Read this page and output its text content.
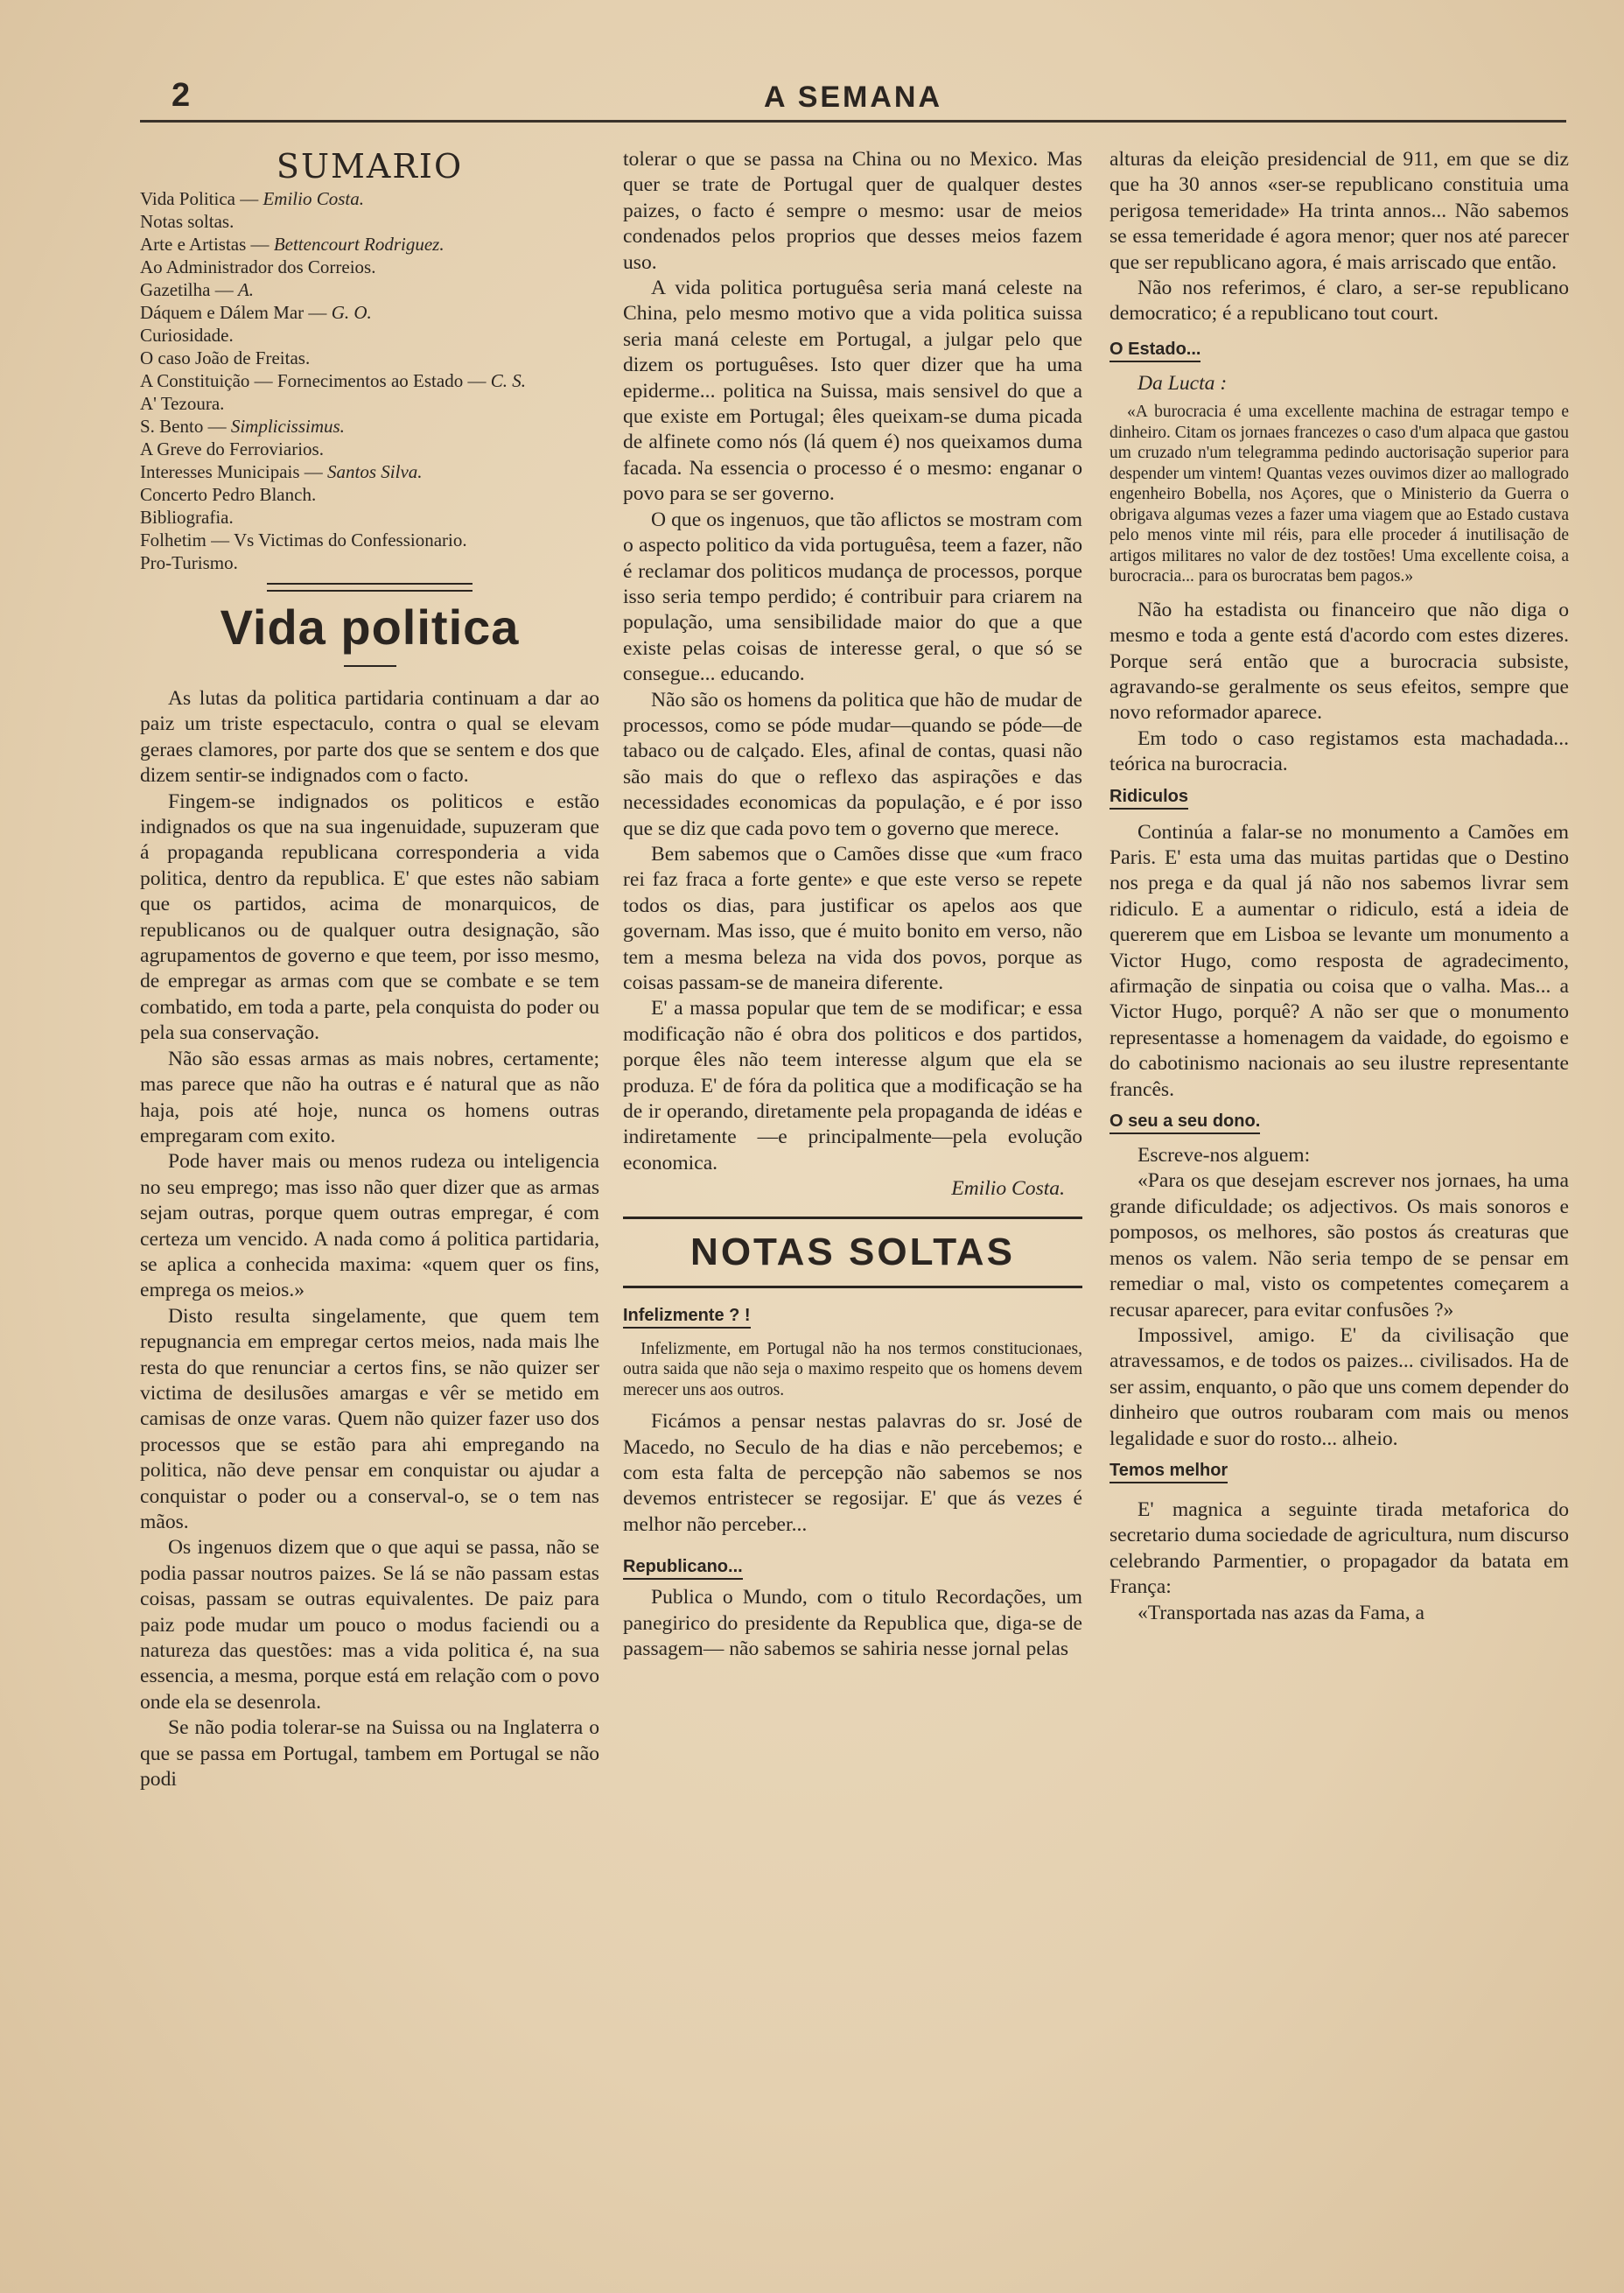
2	A SEMANA
SUMARIO
Vida Politica — Emilio Costa.
Notas soltas.
Arte e Artistas — Bettencourt Rodriguez.
Ao Administrador dos Correios.
Gazetilha — A.
Dáquem e Dálem Mar — G. O.
Curiosidade.
O caso João de Freitas.
A Constituição — Fornecimentos ao Estado — C. S.
A' Tezoura.
S. Bento — Simplicissimus.
A Greve do Ferroviarios.
Interesses Municipais — Santos Silva.
Concerto Pedro Blanch.
Bibliografia.
Folhetim — Vs Victimas do Confessionario.
Pro-Turismo.
Vida politica

As lutas da politica partidaria continuam a dar ao paiz um triste espectaculo, contra o qual se elevam geraes clamores, por parte dos que se sentem e dos que dizem sentir-se indignados com o facto.

Fingem-se indignados os politicos e estão indignados os que na sua ingenuidade, supuzeram que á propaganda republicana corresponderia a vida politica, dentro da republica. E' que estes não sabiam que os partidos, acima de monarquicos, de republicanos ou de qualquer outra designação, são agrupamentos de governo e que teem, por isso mesmo, de empregar as armas com que se combate e se tem combatido, em toda a parte, pela conquista do poder ou pela sua conservação.

Não são essas armas as mais nobres, certamente; mas parece que não ha outras e é natural que as não haja, pois até hoje, nunca os homens outras empregaram com exito.

Pode haver mais ou menos rudeza ou inteligencia no seu emprego; mas isso não quer dizer que as armas sejam outras, porque quem outras empregar, é com certeza um vencido. A nada como á politica partidaria, se aplica a conhecida maxima: «quem quer os fins, emprega os meios.»

Disto resulta singelamente, que quem tem repugnancia em empregar certos meios, nada mais lhe resta do que renunciar a certos fins, se não quizer ser victima de desilusões amargas e vêr se metido em camisas de onze varas. Quem não quizer fazer uso dos processos que se estão para ahi empregando na politica, não deve pensar em conquistar ou ajudar a conquistar o poder ou a conserval-o, se o tem nas mãos.

Os ingenuos dizem que o que aqui se passa, não se podia passar noutros paizes. Se lá se não passam estas coisas, passam se outras equivalentes. De paiz para paiz pode mudar um pouco o modus faciendi ou a natureza das questões: mas a vida politica é, na sua essencia, a mesma, porque está em relação com o povo onde ela se desenrola.

Se não podia tolerar-se na Suissa ou na Inglaterra o que se passa em Portugal, tambem em Portugal se não podi

tolerar o que se passa na China ou no Mexico. Mas quer se trate de Portugal quer de qualquer destes paizes, o facto é sempre o mesmo: usar de meios condenados pelos proprios que desses meios fazem uso.

A vida politica portuguêsa seria maná celeste na China, pelo mesmo motivo que a vida politica suissa seria maná celeste em Portugal, a julgar pelo que dizem os portuguêses. Isto quer dizer que ha uma epiderme... politica na Suissa, mais sensivel do que a que existe em Portugal; êles queixam-se duma picada de alfinete como nós (lá quem é) nos queixamos duma facada. Na essencia o processo é o mesmo: enganar o povo para se ser governo.

O que os ingenuos, que tão aflictos se mostram com o aspecto politico da vida portuguêsa, teem a fazer, não é reclamar dos politicos mudança de processos, porque isso seria tempo perdido; é contribuir para criarem na população, uma sensibilidade maior do que a que existe pelas coisas de interesse geral, o que só se consegue... educando.

Não são os homens da politica que hão de mudar de processos, como se póde mudar—quando se póde—de tabaco ou de calçado. Eles, afinal de contas, quasi não são mais do que o reflexo das aspirações e das necessidades economicas da população, e é por isso que se diz que cada povo tem o governo que merece.

Bem sabemos que o Camões disse que «um fraco rei faz fraca a forte gente» e que este verso se repete todos os dias, para justificar os apelos aos que governam. Mas isso, que é muito bonito em verso, não tem a mesma beleza na vida dos povos, porque as coisas passam-se de maneira diferente.

E' a massa popular que tem de se modificar; e essa modificação não é obra dos politicos e dos partidos, porque êles não teem interesse algum que ela se produza. E' de fóra da politica que a modificação se ha de ir operando, diretamente pela propaganda de idéas e indiretamente —e principalmente—pela evolução economica.

Emilio Costa.

NOTAS SOLTAS
Infelizmente ? !

Infelizmente, em Portugal não ha nos termos constitucionaes, outra saida que não seja o maximo respeito que os homens devem merecer uns aos outros.

Ficámos a pensar nestas palavras do sr. José de Macedo, no Seculo de ha dias e não percebemos; e com esta falta de percepção não sabemos se nos devemos entristecer se regosijar. E' que ás vezes é melhor não perceber...

Republicano...

Publica o Mundo, com o titulo Recordações, um panegirico do presidente da Republica que, diga-se de passagem— não sabemos se sahiria nesse jornal pelas

alturas da eleição presidencial de 911, em que se diz que ha 30 annos «ser-se republicano constituia uma perigosa temeridade» Ha trinta annos... Não sabemos se essa temeridade é agora menor; quer nos até parecer que ser republicano agora, é mais arriscado que então.

Não nos referimos, é claro, a ser-se republicano democratico; é a republicano tout court.

O Estado...

Da Lucta :

«A burocracia é uma excellente machina de estragar tempo e dinheiro. Citam os jornaes francezes o caso d'um alpaca que gastou um cruzado n'um telegramma pedindo auctorisação superior para despender um vintem! Quantas vezes ouvimos dizer ao mallogrado engenheiro Bobella, nos Açores, que o Ministerio da Guerra o obrigava algumas vezes a fazer uma viagem que ao Estado custava pelo menos vinte mil réis, para elle proceder á inutilisação de artigos militares no valor de dez tostões! Uma excellente coisa, a burocracia... para os burocratas bem pagos.»

Não ha estadista ou financeiro que não diga o mesmo e toda a gente está d'acordo com estes dizeres. Porque será então que a burocracia subsiste, agravando-se geralmente os seus efeitos, sempre que novo reformador aparece.

Em todo o caso registamos esta machadada... teórica na burocracia.

Ridiculos

Continúa a falar-se no monumento a Camões em Paris. E' esta uma das muitas partidas que o Destino nos prega e da qual já não nos sabemos livrar sem ridiculo. E a aumentar o ridiculo, está a ideia de quererem que em Lisboa se levante um monumento a Victor Hugo, como resposta de agradecimento, afirmação de sinpatia ou coisa que o valha. Mas... a Victor Hugo, porquê? A não ser que o monumento representasse a homenagem da vaidade, do egoismo e do cabotinismo nacionais ao seu ilustre representante francês.

O seu a seu dono.

Escreve-nos alguem:

«Para os que desejam escrever nos jornaes, ha uma grande dificuldade; os adjectivos. Os mais sonoros e pomposos, os melhores, são postos ás creaturas que menos os valem. Não seria tempo de se pensar em remediar o mal, visto os competentes começarem a recusar aparecer, para evitar confusões ?»

Impossivel, amigo. E' da civilisação que atravessamos, e de todos os paizes... civilisados. Ha de ser assim, enquanto, o pão que uns comem depender do dinheiro que outros roubaram com mais ou menos legalidade e suor do rosto... alheio.

Temos melhor

E' magnica a seguinte tirada metaforica do secretario duma sociedade de agricultura, num discurso celebrando Parmentier, o propagador da batata em França:

«Transportada nas azas da Fama, a
